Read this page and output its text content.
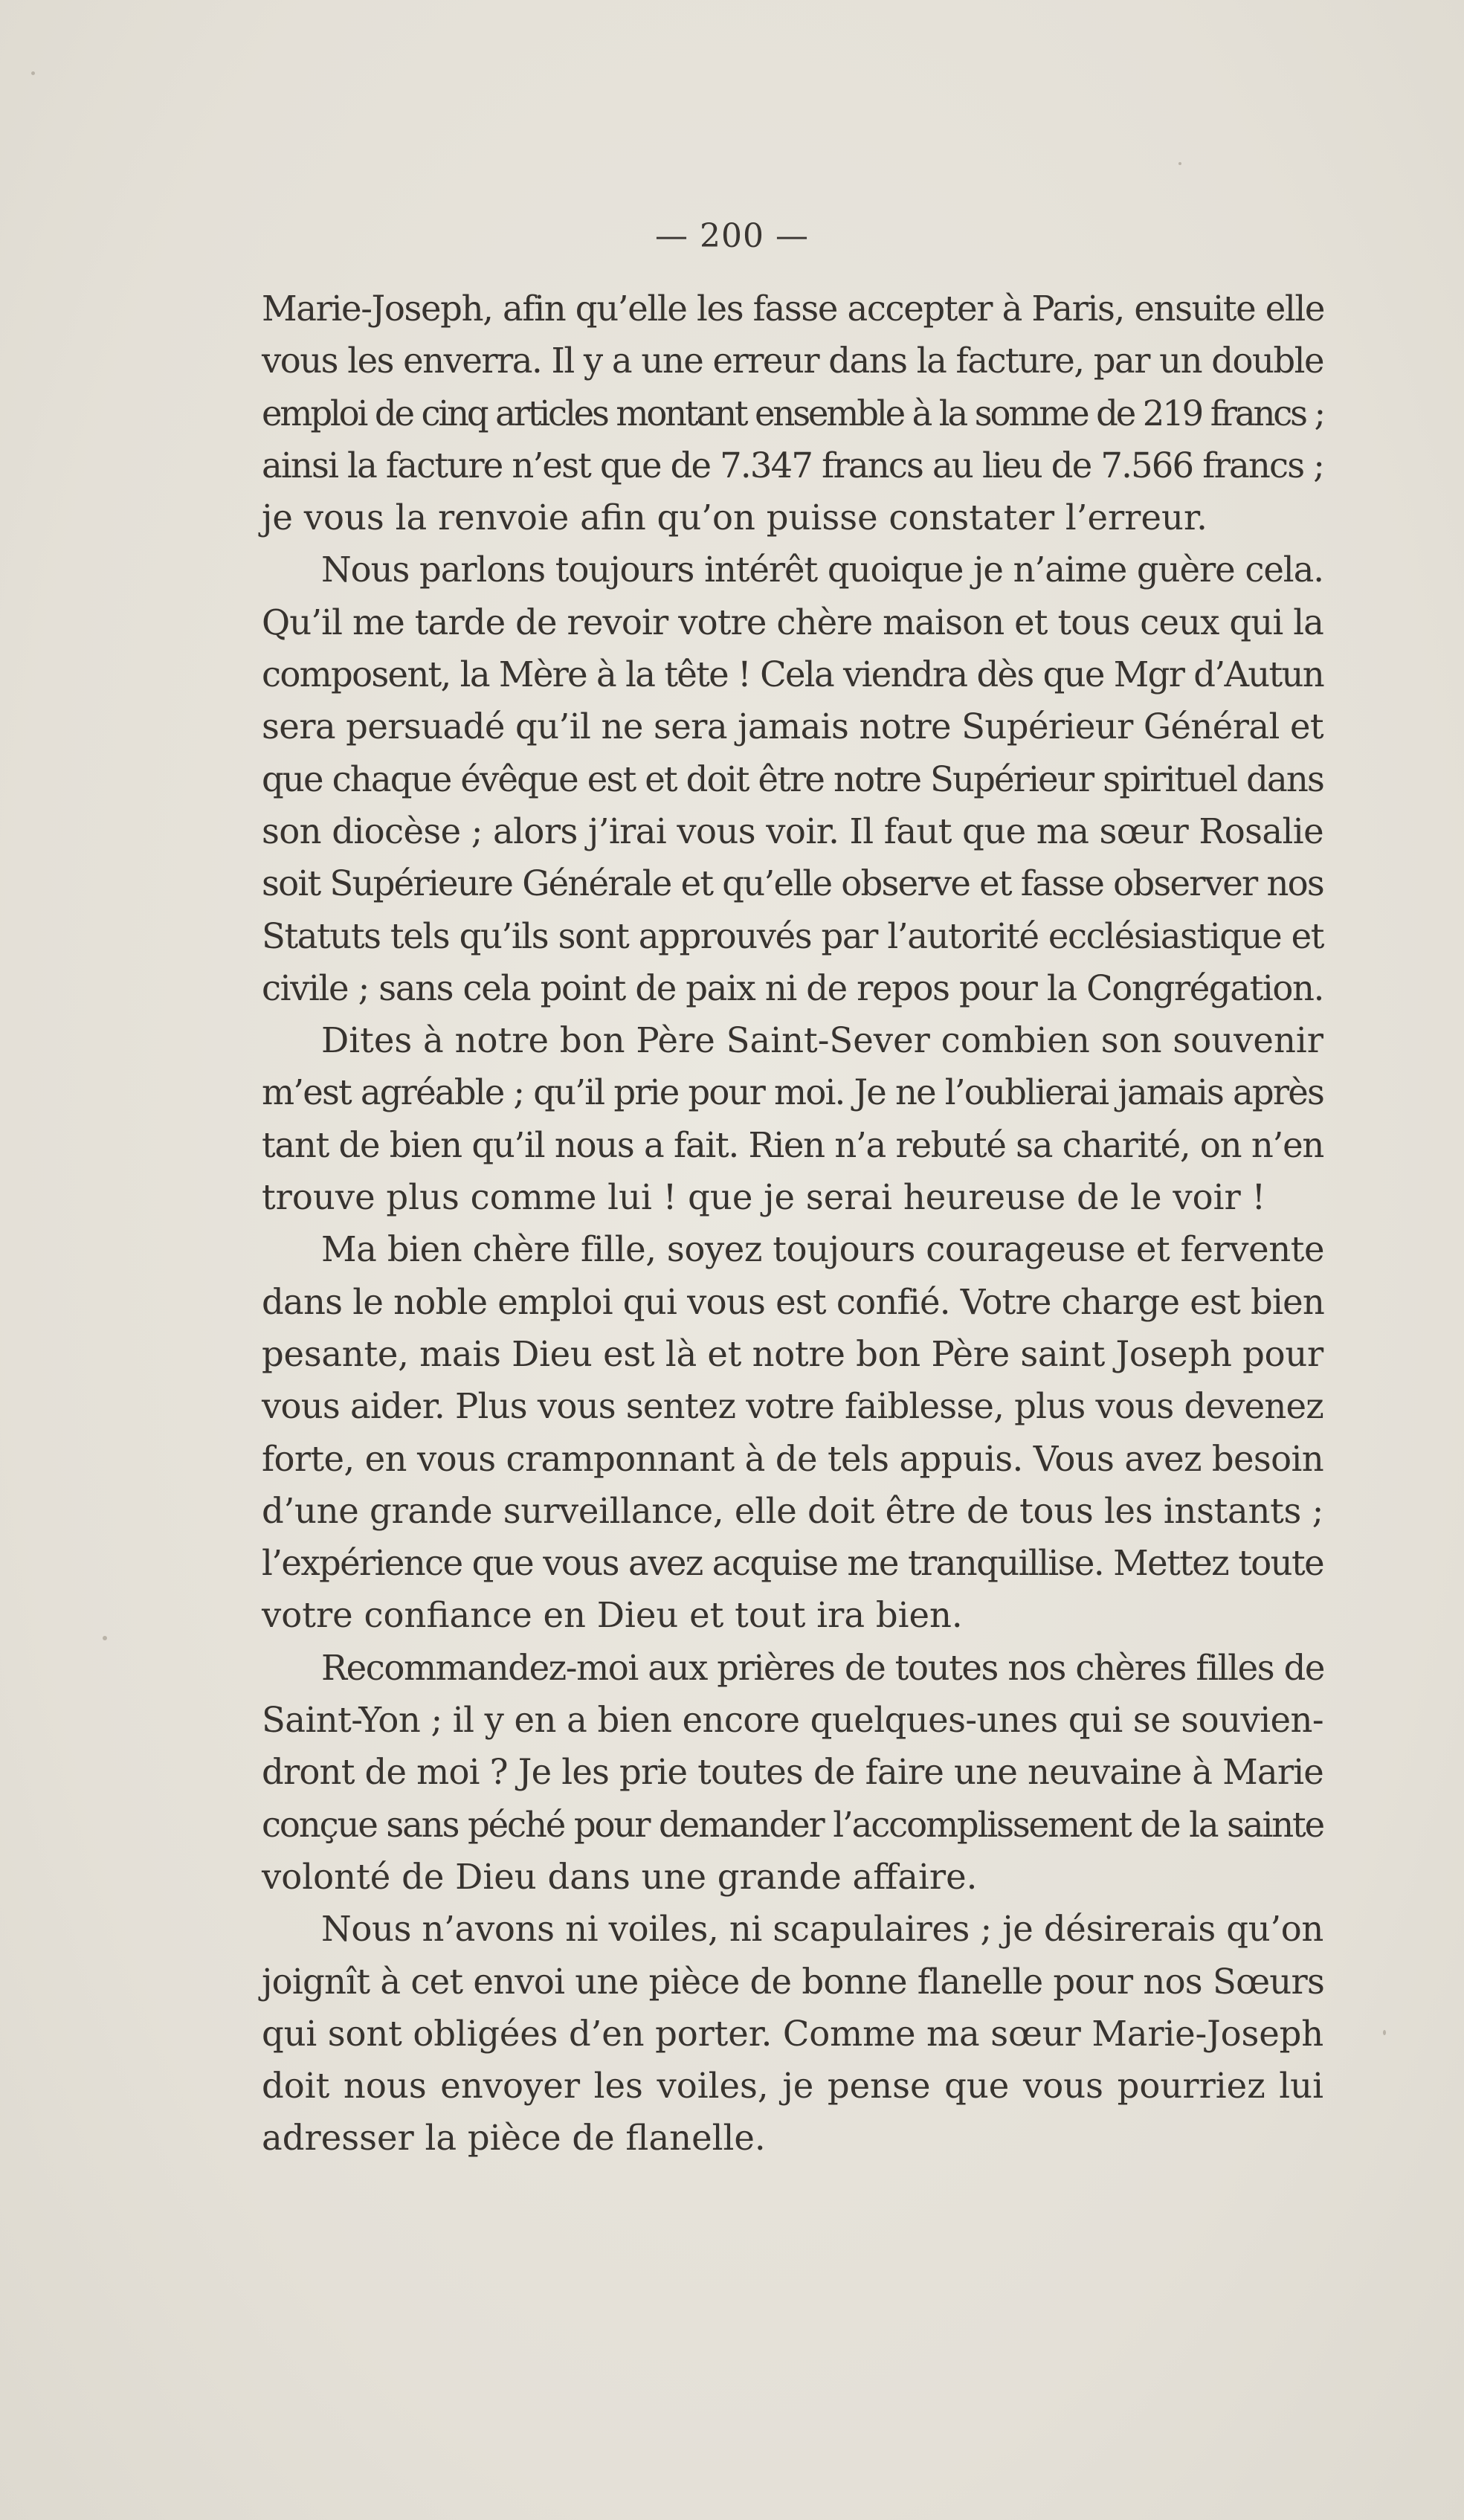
— 200 —
Marie-Joseph, afin qu’elle les fasse accepter à Paris, ensuite elle
vous les enverra. Il y a une erreur dans la facture, par un double
emploi de cinq articles montant ensemble à la somme de 219 francs ;
ainsi la facture n’est que de 7.347 francs au lieu de 7.566 francs ;
je vous la renvoie afin qu’on puisse constater l’erreur.
Nous parlons toujours intérêt quoique je n’aime guère cela.
Qu’il me tarde de revoir votre chère maison et tous ceux qui la
composent, la Mère à la tête ! Cela viendra dès que Mgr d’Autun
sera persuadé qu’il ne sera jamais notre Supérieur Général et
que chaque évêque est et doit être notre Supérieur spirituel dans
son diocèse ; alors j’irai vous voir. Il faut que ma sœur Rosalie
soit Supérieure Générale et qu’elle observe et fasse observer nos
Statuts tels qu’ils sont approuvés par l’autorité ecclésiastique et
civile ; sans cela point de paix ni de repos pour la Congrégation.
Dites à notre bon Père Saint-Sever combien son souvenir
m’est agréable ; qu’il prie pour moi. Je ne l’oublierai jamais après
tant de bien qu’il nous a fait. Rien n’a rebuté sa charité, on n’en
trouve plus comme lui ! que je serai heureuse de le voir !
Ma bien chère fille, soyez toujours courageuse et fervente
dans le noble emploi qui vous est confié. Votre charge est bien
pesante, mais Dieu est là et notre bon Père saint Joseph pour
vous aider. Plus vous sentez votre faiblesse, plus vous devenez
forte, en vous cramponnant à de tels appuis. Vous avez besoin
d’une grande surveillance, elle doit être de tous les instants ;
l’expérience que vous avez acquise me tranquillise. Mettez toute
votre confiance en Dieu et tout ira bien.
Recommandez-moi aux prières de toutes nos chères filles de
Saint-Yon ; il y en a bien encore quelques-unes qui se souvien-
dront de moi ? Je les prie toutes de faire une neuvaine à Marie
conçue sans péché pour demander l’accomplissement de la sainte
volonté de Dieu dans une grande affaire.
Nous n’avons ni voiles, ni scapulaires ; je désirerais qu’on
joignît à cet envoi une pièce de bonne flanelle pour nos Sœurs
qui sont obligées d’en porter. Comme ma sœur Marie-Joseph
doit nous envoyer les voiles, je pense que vous pourriez lui
adresser la pièce de flanelle.
